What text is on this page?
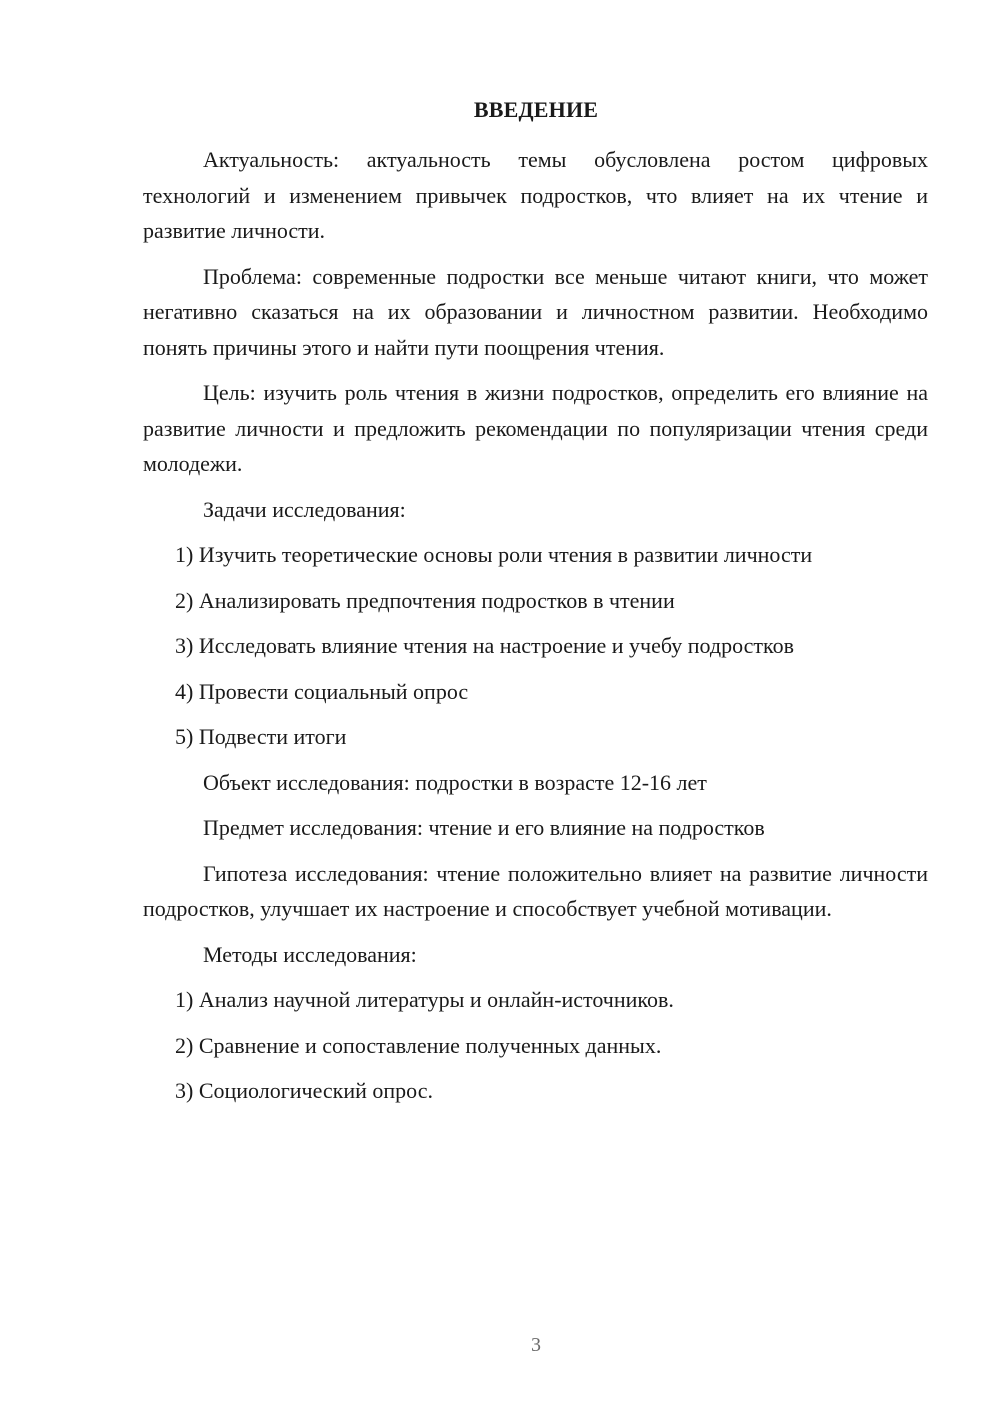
ВВЕДЕНИЕ

Актуальность: актуальность темы обусловлена ростом цифровых технологий и изменением привычек подростков, что влияет на их чтение и развитие личности.

Проблема: современные подростки все меньше читают книги, что может негативно сказаться на их образовании и личностном развитии. Необходимо понять причины этого и найти пути поощрения чтения.

Цель: изучить роль чтения в жизни подростков, определить его влияние на развитие личности и предложить рекомендации по популяризации чтения среди молодежи.

Задачи исследования:
1) Изучить теоретические основы роли чтения в развитии личности
2) Анализировать предпочтения подростков в чтении
3) Исследовать влияние чтения на настроение и учебу подростков
4) Провести социальный опрос
5) Подвести итоги
Объект исследования: подростки в возрасте 12-16 лет
Предмет исследования: чтение и его влияние на подростков

Гипотеза исследования: чтение положительно влияет на развитие личности подростков, улучшает их настроение и способствует учебной мотивации.

Методы исследования:
1) Анализ научной литературы и онлайн-источников.
2) Сравнение и сопоставление полученных данных.
3) Социологический опрос.
3
